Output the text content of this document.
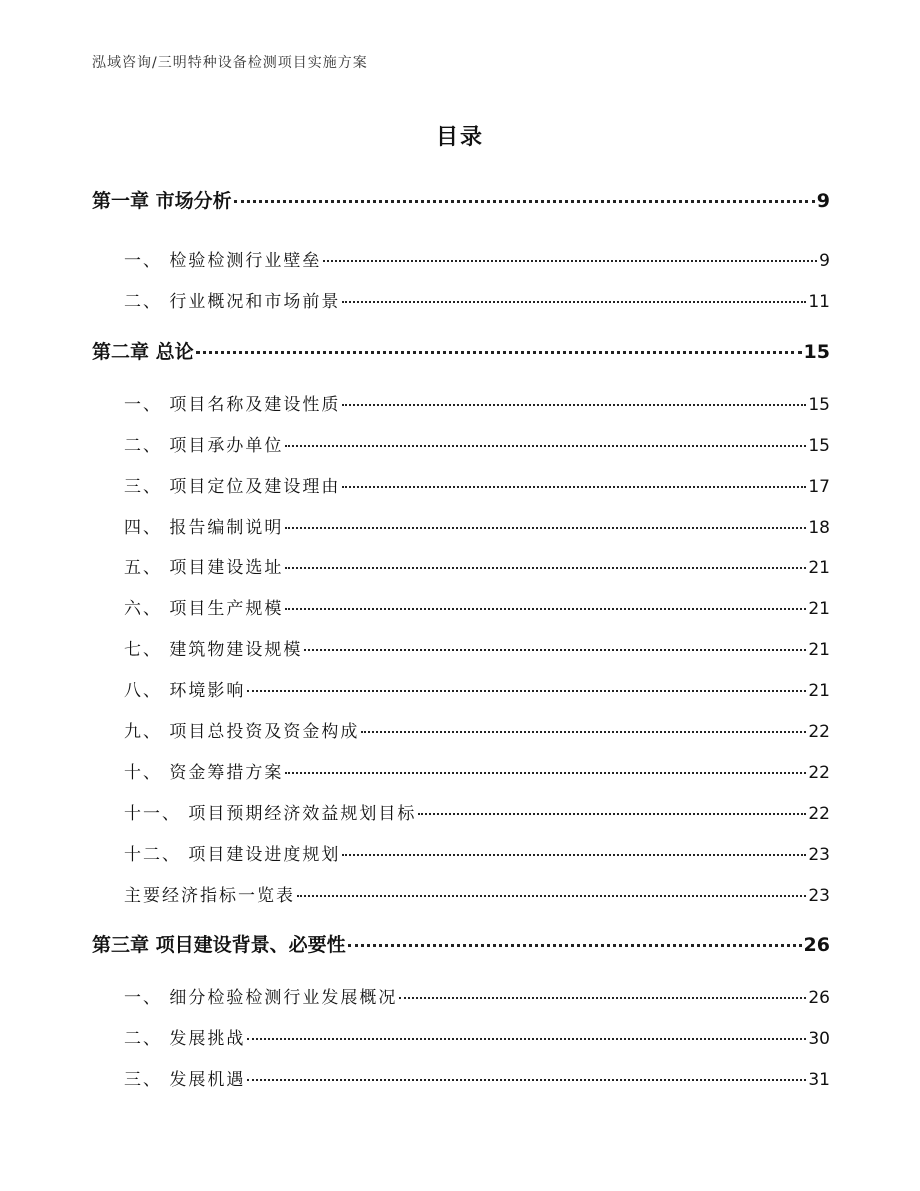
泓域咨询/三明特种设备检测项目实施方案
目录
第一章 市场分析	9
一、 检验检测行业壁垒	9
二、 行业概况和市场前景	11
第二章 总论	15
一、 项目名称及建设性质	15
二、 项目承办单位	15
三、 项目定位及建设理由	17
四、 报告编制说明	18
五、 项目建设选址	21
六、 项目生产规模	21
七、 建筑物建设规模	21
八、 环境影响	21
九、 项目总投资及资金构成	22
十、 资金筹措方案	22
十一、 项目预期经济效益规划目标	22
十二、 项目建设进度规划	23
主要经济指标一览表	23
第三章 项目建设背景、必要性	26
一、 细分检验检测行业发展概况	26
二、 发展挑战	30
三、 发展机遇	31
